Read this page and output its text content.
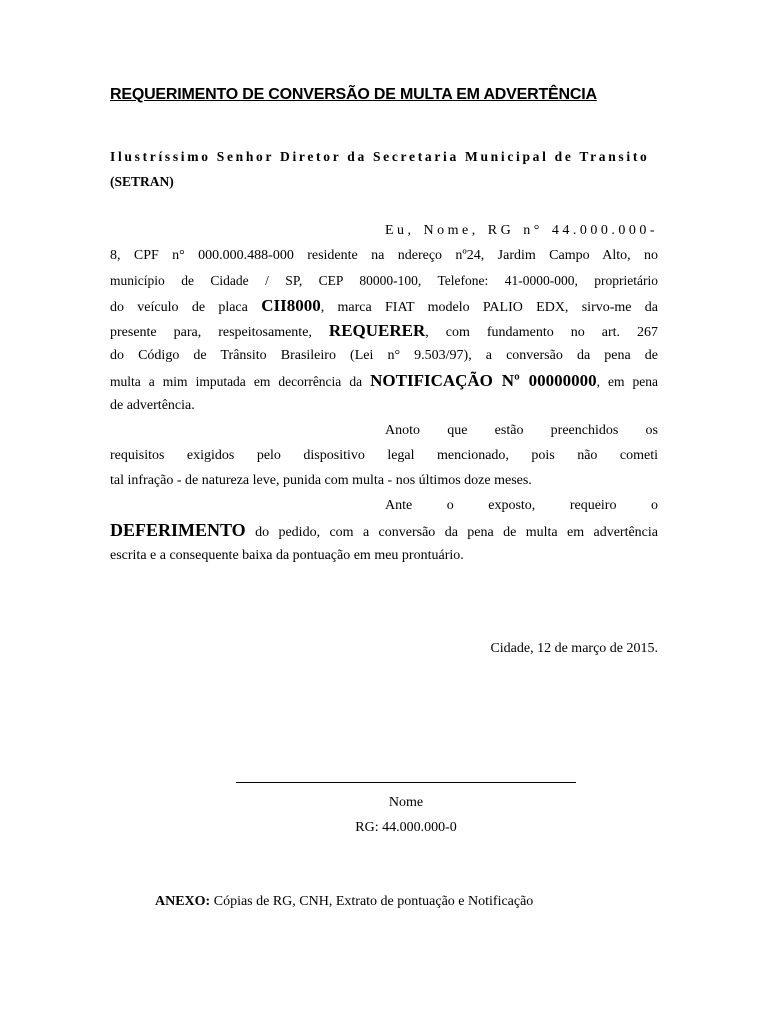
REQUERIMENTO DE CONVERSÃO DE MULTA EM ADVERTÊNCIA
Ilustríssimo Senhor Diretor da Secretaria Municipal de Transito
(SETRAN)
Eu, Nome, RG n° 44.000.000-
8, CPF n° 000.000.488-000 residente na ndereço nº24, Jardim Campo Alto, no
município de Cidade / SP, CEP 80000-100, Telefone: 41-0000-000, proprietário
do veículo de placa CII8000, marca FIAT modelo PALIO EDX, sirvo-me da
presente para, respeitosamente, REQUERER, com fundamento no art. 267
do Código de Trânsito Brasileiro (Lei n° 9.503/97), a conversão da pena de
multa a mim imputada em decorrência da NOTIFICAÇÃO Nº 00000000, em pena
de advertência.
Anoto que estão preenchidos os
requisitos exigidos pelo dispositivo legal mencionado, pois não cometi
tal infração - de natureza leve, punida com multa - nos últimos doze meses.
Ante o exposto, requeiro o
DEFERIMENTO do pedido, com a conversão da pena de multa em advertência
escrita e a consequente baixa da pontuação em meu prontuário.
Cidade, 12 de março de 2015.
Nome
RG: 44.000.000-0
ANEXO: Cópias de RG, CNH, Extrato de pontuação e Notificação
